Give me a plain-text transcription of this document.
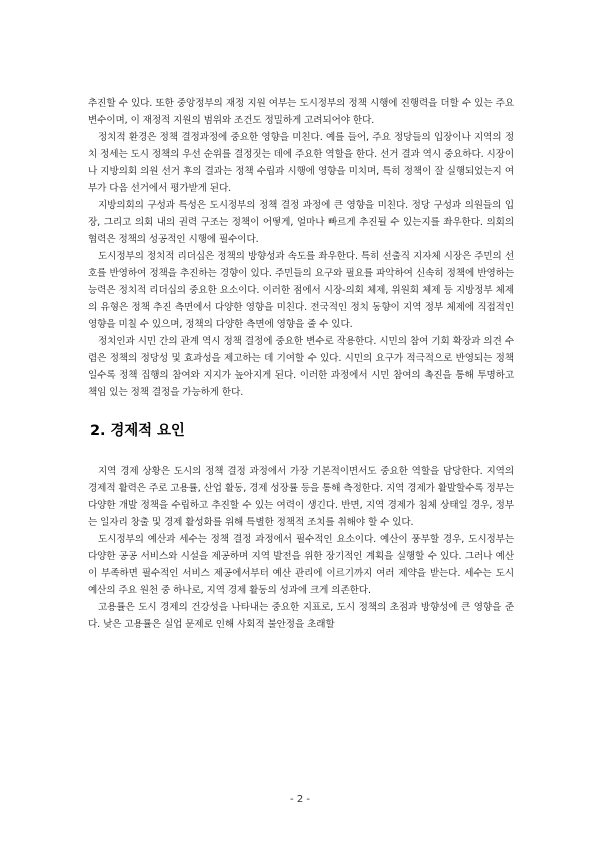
추진할 수 있다. 또한 중앙정부의 재정 지원 여부는 도시정부의 정책 시행에 진행력을 더할 수 있는 주요 변수이며, 이 재정적 지원의 범위와 조건도 정밀하게 고려되어야 한다.

정치적 환경은 정책 결정과정에 중요한 영향을 미친다. 예를 들어, 주요 정당들의 입장이나 지역의 정치 정세는 도시 정책의 우선 순위를 결정짓는 데에 주요한 역할을 한다. 선거 결과 역시 중요하다. 시장이나 지방의회 의원 선거 후의 결과는 정책 수립과 시행에 영향을 미치며, 특히 정책이 잘 실행되었는지 여부가 다음 선거에서 평가받게 된다.

지방의회의 구성과 특성은 도시정부의 정책 결정 과정에 큰 영향을 미친다. 정당 구성과 의원들의 입장, 그리고 의회 내의 권력 구조는 정책이 어떻게, 얼마나 빠르게 추진될 수 있는지를 좌우한다. 의회의 협력은 정책의 성공적인 시행에 필수이다.

도시정부의 정치적 리더십은 정책의 방향성과 속도를 좌우한다. 특히 선출직 지자체 시장은 주민의 선호를 반영하여 정책을 추진하는 경향이 있다. 주민들의 요구와 필요를 파악하여 신속히 정책에 반영하는 능력은 정치적 리더십의 중요한 요소이다. 이러한 점에서 시장-의회 체제, 위원회 체제 등 지방정부 체제의 유형은 정책 추진 측면에서 다양한 영향을 미친다. 전국적인 정치 동향이 지역 정부 체제에 직접적인 영향을 미칠 수 있으며, 정책의 다양한 측면에 영향을 줄 수 있다.

정치인과 시민 간의 관계 역시 정책 결정에 중요한 변수로 작용한다. 시민의 참여 기회 확장과 의견 수렴은 정책의 정당성 및 효과성을 제고하는 데 기여할 수 있다. 시민의 요구가 적극적으로 반영되는 정책일수록 정책 집행의 참여와 지지가 높아지게 된다. 이러한 과정에서 시민 참여의 촉진을 통해 투명하고 책임 있는 정책 결정을 가능하게 한다.

2. 경제적 요인

지역 경제 상황은 도시의 정책 결정 과정에서 가장 기본적이면서도 중요한 역할을 담당한다. 지역의 경제적 활력은 주로 고용률, 산업 활동, 경제 성장률 등을 통해 측정한다. 지역 경제가 활발할수록 정부는 다양한 개발 정책을 수립하고 추진할 수 있는 여력이 생긴다. 반면, 지역 경제가 침체 상태일 경우, 정부는 일자리 창출 및 경제 활성화를 위해 특별한 정책적 조치를 취해야 할 수 있다.

도시정부의 예산과 세수는 정책 결정 과정에서 필수적인 요소이다. 예산이 풍부할 경우, 도시정부는 다양한 공공 서비스와 시설을 제공하며 지역 발전을 위한 장기적인 계획을 실행할 수 있다. 그러나 예산이 부족하면 필수적인 서비스 제공에서부터 예산 관리에 이르기까지 여러 제약을 받는다. 세수는 도시 예산의 주요 원천 중 하나로, 지역 경제 활동의 성과에 크게 의존한다.

고용률은 도시 경제의 건강성을 나타내는 중요한 지표로, 도시 정책의 초점과 방향성에 큰 영향을 준다. 낮은 고용률은 실업 문제로 인해 사회적 불안정을 초래할

- 2 -
